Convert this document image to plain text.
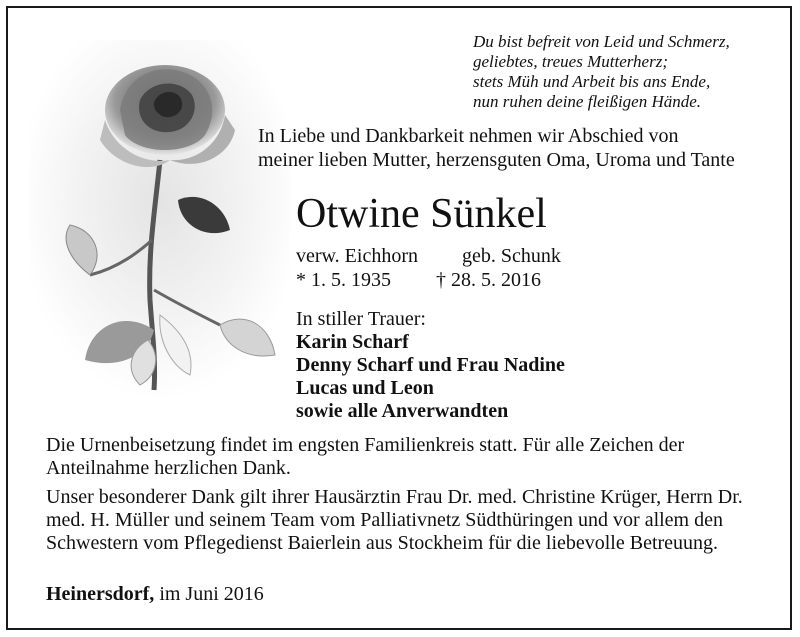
Du bist befreit von Leid und Schmerz,
geliebtes, treues Mutterherz;
stets Müh und Arbeit bis ans Ende,
nun ruhen deine fleißigen Hände.
In Liebe und Dankbarkeit nehmen wir Abschied von
meiner lieben Mutter, herzensguten Oma, Uroma und Tante
Otwine Sünkel
verw. Eichhorn geb. Schunk
* 1. 5. 1935 † 28. 5. 2016
In stiller Trauer:
Karin Scharf
Denny Scharf und Frau Nadine
Lucas und Leon
sowie alle Anverwandten

Die Urnenbeisetzung findet im engsten Familienkreis statt. Für alle Zeichen der Anteilnahme herzlichen Dank.

Unser besonderer Dank gilt ihrer Hausärztin Frau Dr. med. Christine Krüger, Herrn Dr. med. H. Müller und seinem Team vom Palliativnetz Südthüringen und vor allem den Schwestern vom Pflegedienst Baierlein aus Stockheim für die liebevolle Betreuung.

Heinersdorf, im Juni 2016
